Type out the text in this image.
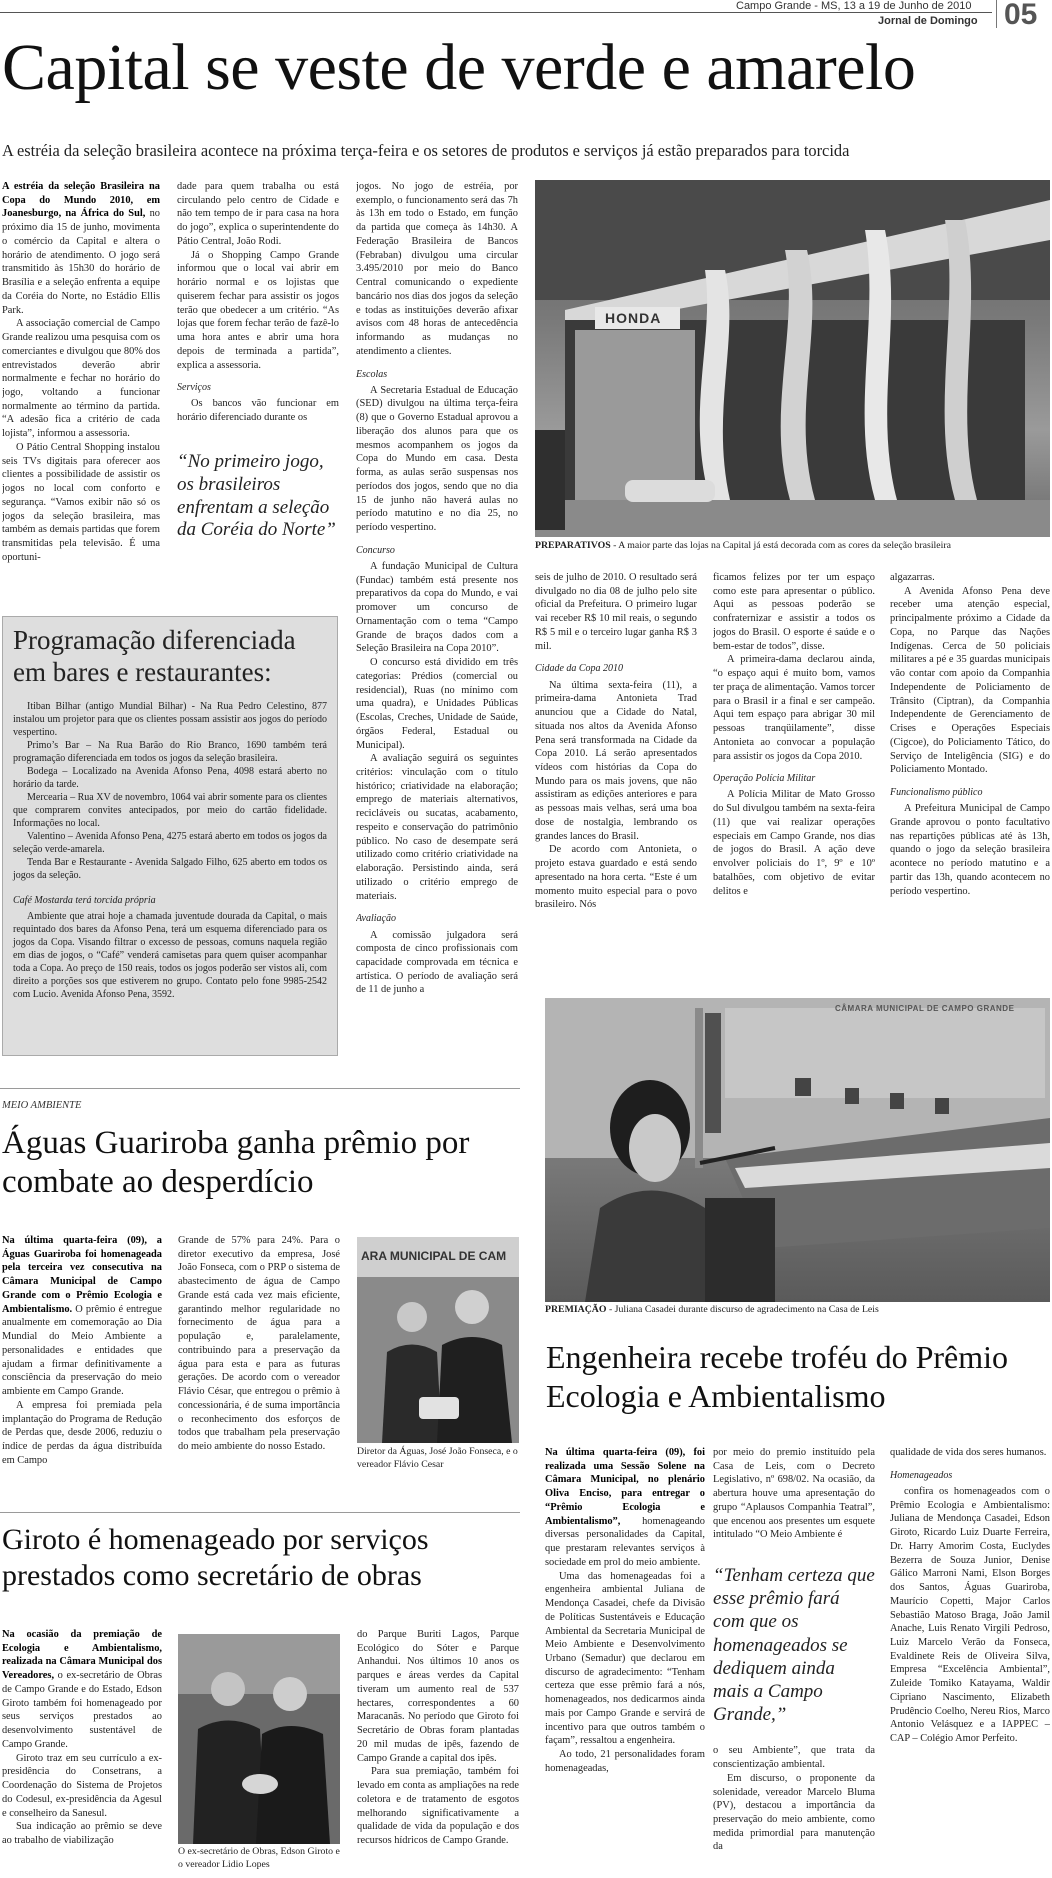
Campo Grande - MS, 13 a 19 de Junho de 2010
Jornal de Domingo 05
Capital se veste de verde e amarelo
A estréia da seleção brasileira acontece na próxima terça-feira e os setores de produtos e serviços já estão preparados para torcida

A estréia da seleção Brasileira na Copa do Mundo 2010, em Joanesburgo, na África do Sul, no próximo dia 15 de junho, movimenta o comércio da Capital e altera o horário de atendimento. O jogo será transmitido às 15h30 do horário de Brasília e a seleção enfrenta a equipe da Coréia do Norte, no Estádio Ellis Park.

A associação comercial de Campo Grande realizou uma pesquisa com os comerciantes e divulgou que 80% dos entrevistados deverão abrir normalmente e fechar no horário do jogo, voltando a funcionar normalmente ao término da partida. “A adesão fica a critério de cada lojista”, informou a assessoria.

O Pátio Central Shopping instalou seis TVs digitais para oferecer aos clientes a possibilidade de assistir os jogos no local com conforto e segurança. “Vamos exibir não só os jogos da seleção brasileira, mas também as demais partidas que forem transmitidas pela televisão. É uma oportuni-

dade para quem trabalha ou está circulando pelo centro de Cidade e não tem tempo de ir para casa na hora do jogo”, explica o superintendente do Pátio Central, João Rodi.

Já o Shopping Campo Grande informou que o local vai abrir em horário normal e os lojistas que quiserem fechar para assistir os jogos terão que obedecer a um critério. “As lojas que forem fechar terão de fazê-lo uma hora antes e abrir uma hora depois de terminada a partida”, explica a assessoria.

Serviços

Os bancos vão funcionar em horário diferenciado durante os

“No primeiro jogo, os brasileiros enfrentam a seleção da Coréia do Norte”

jogos. No jogo de estréia, por exemplo, o funcionamento será das 7h às 13h em todo o Estado, em função da partida que começa às 14h30. A Federação Brasileira de Bancos (Febraban) divulgou uma circular 3.495/2010 por meio do Banco Central comunicando o expediente bancário nos dias dos jogos da seleção e todas as instituições deverão afixar avisos com 48 horas de antecedência informando as mudanças no atendimento a clientes.

Escolas

A Secretaria Estadual de Educação (SED) divulgou na última terça-feira (8) que o Governo Estadual aprovou a liberação dos alunos para que os mesmos acompanhem os jogos da Copa do Mundo em casa. Desta forma, as aulas serão suspensas nos períodos dos jogos, sendo que no dia 15 de junho não haverá aulas no período matutino e no dia 25, no período vespertino.

Concurso

A fundação Municipal de Cultura (Fundac) também está presente nos preparativos da copa do Mundo, e vai promover um concurso de Ornamentação com o tema “Campo Grande de braços dados com a Seleção Brasileira na Copa 2010”.

O concurso está dividido em três categorias: Prédios (comercial ou residencial), Ruas (no mínimo com uma quadra), e Unidades Públicas (Escolas, Creches, Unidade de Saúde, órgãos Federal, Estadual ou Municipal).

A avaliação seguirá os seguintes critérios: vinculação com o título histórico; criatividade na elaboração; emprego de materiais alternativos, recicláveis ou sucatas, acabamento, respeito e conservação do patrimônio público. No caso de desempate será utilizado como critério criatividade na elaboração. Persistindo ainda, será utilizado o critério emprego de materiais.

Avaliação

A comissão julgadora será composta de cinco profissionais com capacidade comprovada em técnica e artística. O período de avaliação será de 11 de junho a

HONDA
PREPARATIVOS - A maior parte das lojas na Capital já está decorada com as cores da seleção brasileira

seis de julho de 2010. O resultado será divulgado no dia 08 de julho pelo site oficial da Prefeitura. O primeiro lugar vai receber R$ 10 mil reais, o segundo R$ 5 mil e o terceiro lugar ganha R$ 3 mil.

Cidade da Copa 2010

Na última sexta-feira (11), a primeira-dama Antonieta Trad anunciou que a Cidade do Natal, situada nos altos da Avenida Afonso Pena será transformada na Cidade da Copa 2010. Lá serão apresentados vídeos com histórias da Copa do Mundo para os mais jovens, que não assistiram as edições anteriores e para as pessoas mais velhas, será uma boa dose de nostalgia, lembrando os grandes lances do Brasil.

De acordo com Antonieta, o projeto estava guardado e está sendo apresentado na hora certa. “Este é um momento muito especial para o povo brasileiro. Nós

ficamos felizes por ter um espaço como este para apresentar o público. Aqui as pessoas poderão se confraternizar e assistir a todos os jogos do Brasil. O esporte é saúde e o bem-estar de todos”, disse.

A primeira-dama declarou ainda, “o espaço aqui é muito bom, vamos ter praça de alimentação. Vamos torcer para o Brasil ir a final e ser campeão. Aqui tem espaço para abrigar 30 mil pessoas tranqüilamente”, disse Antonieta ao convocar a população para assistir os jogos da Copa 2010.

Operação Polícia Militar

A Polícia Militar de Mato Grosso do Sul divulgou também na sexta-feira (11) que vai realizar operações especiais em Campo Grande, nos dias de jogos do Brasil. A ação deve envolver policiais do 1º, 9º e 10º batalhões, com objetivo de evitar delitos e

algazarras.

A Avenida Afonso Pena deve receber uma atenção especial, principalmente próximo a Cidade da Copa, no Parque das Nações Indígenas. Cerca de 50 policiais militares a pé e 35 guardas municipais vão contar com apoio da Companhia Independente de Policiamento de Trânsito (Ciptran), da Companhia Independente de Gerenciamento de Crises e Operações Especiais (Cigcoe), do Policiamento Tático, do Serviço de Inteligência (SIG) e do Policiamento Montado.

Funcionalismo público

A Prefeitura Municipal de Campo Grande aprovou o ponto facultativo nas repartições públicas até às 13h, quando o jogo da seleção brasileira acontece no período matutino e a partir das 13h, quando acontecem no período vespertino.

Programação diferenciada em bares e restaurantes:

Itiban Bilhar (antigo Mundial Bilhar) - Na Rua Pedro Celestino, 877 instalou um projetor para que os clientes possam assistir aos jogos do período vespertino.

Primo’s Bar – Na Rua Barão do Rio Branco, 1690 também terá programação diferenciada em todos os jogos da seleção brasileira.

Bodega – Localizado na Avenida Afonso Pena, 4098 estará aberto no horário da tarde.

Mercearia – Rua XV de novembro, 1064 vai abrir somente para os clientes que comprarem convites antecipados, por meio do cartão fidelidade. Informações no local.

Valentino – Avenida Afonso Pena, 4275 estará aberto em todos os jogos da seleção verde-amarela.

Tenda Bar e Restaurante - Avenida Salgado Filho, 625 aberto em todos os jogos da seleção.

Café Mostarda terá torcida própria

Ambiente que atrai hoje a chamada juventude dourada da Capital, o mais requintado dos bares da Afonso Pena, terá um esquema diferenciado para os jogos da Copa. Visando filtrar o excesso de pessoas, comuns naquela região em dias de jogos, o “Café” venderá camisetas para quem quiser acompanhar toda a Copa. Ao preço de 150 reais, todos os jogos poderão ser vistos ali, com direito a porções sos que estiverem no grupo. Contato pelo fone 9985-2542 com Lucio. Avenida Afonso Pena, 3592.

MEIO AMBIENTE
Águas Guariroba ganha prêmio por combate ao desperdício

Na última quarta-feira (09), a Águas Guariroba foi homenageada pela terceira vez consecutiva na Câmara Municipal de Campo Grande com o Prêmio Ecologia e Ambientalismo. O prêmio é entregue anualmente em comemoração ao Dia Mundial do Meio Ambiente a personalidades e entidades que ajudam a firmar definitivamente a consciência da preservação do meio ambiente em Campo Grande.

A empresa foi premiada pela implantação do Programa de Redução de Perdas que, desde 2006, reduziu o índice de perdas da água distribuída em Campo

Grande de 57% para 24%. Para o diretor executivo da empresa, José João Fonseca, com o PRP o sistema de abastecimento de água de Campo Grande está cada vez mais eficiente, garantindo melhor regularidade no fornecimento de água para a população e, paralelamente, contribuindo para a preservação da água para esta e para as futuras gerações. De acordo com o vereador Flávio César, que entregou o prêmio à concessionária, é de suma importância o reconhecimento dos esforços de todos que trabalham pela preservação do meio ambiente do nosso Estado.

ARA MUNICIPAL DE CAM
Diretor da Águas, José João Fonseca, e o vereador Flávio Cesar
Giroto é homenageado por serviços prestados como secretário de obras

Na ocasião da premiação de Ecologia e Ambientalismo, realizada na Câmara Municipal dos Vereadores, o ex-secretário de Obras de Campo Grande e do Estado, Edson Giroto também foi homenageado por seus serviços prestados ao desenvolvimento sustentável de Campo Grande.

Giroto traz em seu currículo a ex-presidência do Consetrans, a Coordenação do Sistema de Projetos do Codesul, ex-presidência da Agesul e conselheiro da Sanesul.

Sua indicação ao prêmio se deve ao trabalho de viabilização

O ex-secretário de Obras, Edson Giroto e o vereador Lidio Lopes

do Parque Buriti Lagos, Parque Ecológico do Sóter e Parque Anhandui. Nos últimos 10 anos os parques e áreas verdes da Capital tiveram um aumento real de 537 hectares, correspondentes a 60 Maracanãs. No período que Giroto foi Secretário de Obras foram plantadas 20 mil mudas de ipês, fazendo de Campo Grande a capital dos ipês.

Para sua premiação, também foi levado em conta as ampliações na rede coletora e de tratamento de esgotos melhorando significativamente a qualidade de vida da população e dos recursos hídricos de Campo Grande.

CÂMARA MUNICIPAL DE CAMPO GRANDE
PREMIAÇÃO - Juliana Casadei durante discurso de agradecimento na Casa de Leis
Engenheira recebe troféu do Prêmio Ecologia e Ambientalismo

Na última quarta-feira (09), foi realizada uma Sessão Solene na Câmara Municipal, no plenário Oliva Enciso, para entregar o “Prêmio Ecologia e Ambientalismo”, homenageando diversas personalidades da Capital, que prestaram relevantes serviços à sociedade em prol do meio ambiente.

Uma das homenageadas foi a engenheira ambiental Juliana de Mendonça Casadei, chefe da Divisão de Políticas Sustentáveis e Educação Ambiental da Secretaria Municipal de Meio Ambiente e Desenvolvimento Urbano (Semadur) que declarou em discurso de agradecimento: “Tenham certeza que esse prêmio fará a nós, homenageados, nos dedicarmos ainda mais por Campo Grande e servirá de incentivo para que outros também o façam”, ressaltou a engenheira.

Ao todo, 21 personalidades foram homenageadas,

por meio do premio instituído pela Casa de Leis, com o Decreto Legislativo, nº 698/02. Na ocasião, da abertura houve uma apresentação do grupo “Aplausos Companhia Teatral”, que encenou aos presentes um esquete intitulado “O Meio Ambiente é

“Tenham certeza que esse prêmio fará com que os homenageados se dediquem ainda mais a Campo Grande,”

o seu Ambiente”, que trata da conscientização ambiental.

Em discurso, o proponente da solenidade, vereador Marcelo Bluma (PV), destacou a importância da preservação do meio ambiente, como medida primordial para manutenção da

qualidade de vida dos seres humanos.

Homenageados

confira os homenageados com o Prêmio Ecologia e Ambientalismo: Juliana de Mendonça Casadei, Edson Giroto, Ricardo Luiz Duarte Ferreira, Dr. Harry Amorim Costa, Euclydes Bezerra de Souza Junior, Denise Gálico Marroni Nami, Elson Borges dos Santos, Águas Guariroba, Maurício Copetti, Major Carlos Sebastião Matoso Braga, João Jamil Anache, Luis Renato Virgili Pedroso, Luiz Marcelo Verão da Fonseca, Evaldinete Reis de Oliveira Silva, Empresa “Excelência Ambiental”, Zuleide Tomiko Katayama, Waldir Cipriano Nascimento, Elizabeth Prudêncio Coelho, Nereu Rios, Marco Antonio Velásquez e a IAPPEC – CAP – Colégio Amor Perfeito.
